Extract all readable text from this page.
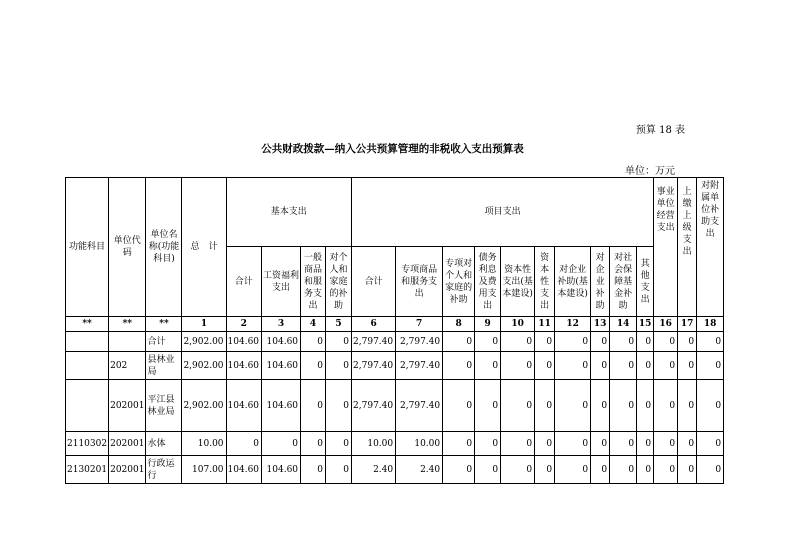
预算 18 表
公共财政拨款—纳入公共预算管理的非税收入支出预算表
单位：万元
功能科目	单位代码	单位名称(功能科目)	总　计	基本支出				项目支出										事业单位经营支出	上缴上级支出	对附属单位补助支出
				合计	工资福利支出	一般商品和服务支出	对个人和家庭的补助	合计	专项商品和服务支出	专项对个人和家庭的补助	债务利息及费用支出	资本性支出(基本建设)	资本性支出	对企业补助(基本建设)	对企业补助	对社会保障基金补助	其他支出			
**	**	**	1	2	3	4	5	6	7	8	9	10	11	12	13	14	15	16	17	18
		合计	2,902.00	104.60	104.60	0	0	2,797.40	2,797.40	0	0	0	0	0	0	0	0	0	0	0
	202	县林业局	2,902.00	104.60	104.60	0	0	2,797.40	2,797.40	0	0	0	0	0	0	0	0	0	0	0
	202001	平江县林业局	2,902.00	104.60	104.60	0	0	2,797.40	2,797.40	0	0	0	0	0	0	0	0	0	0	0
2110302	202001	水体	10.00	0	0	0	0	10.00	10.00	0	0	0	0	0	0	0	0	0	0	0
2130201	202001	行政运行	107.00	104.60	104.60	0	0	2.40	2.40	0	0	0	0	0	0	0	0	0	0	0
